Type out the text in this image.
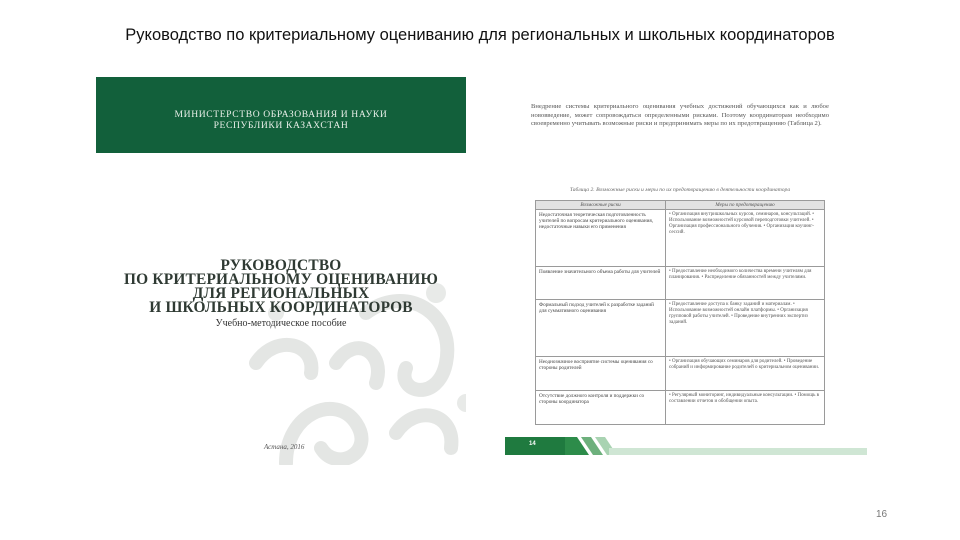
Руководство по критериальному оцениванию для региональных и школьных координаторов
МИНИСТЕРСТВО ОБРАЗОВАНИЯ И НАУКИ
РЕСПУБЛИКИ КАЗАХСТАН
РУКОВОДСТВО
ПО КРИТЕРИАЛЬНОМУ ОЦЕНИВАНИЮ
ДЛЯ РЕГИОНАЛЬНЫХ
И ШКОЛЬНЫХ КООРДИНАТОРОВ
Учебно-методическое пособие
Астана, 2016

Внедрение системы критериального оценивания учебных достижений обучающихся как и любое нововведение, может сопровождаться определенными рисками. Поэтому координаторам необходимо своевременно учитывать возможные риски и предпринимать меры по их предотвращению (Таблица 2).

Таблица 2. Возможные риски и меры по их предотвращению в деятельности координатора
Возможные риски	Меры по предотвращению
Недостаточная теоретическая подготовленность учителей по вопросам критериального оценивания, недостаточные навыки его применения	• Организация внутришкольных курсов, семинаров, консультаций. • Использование возможностей курсовой переподготовки учителей. • Организация профессионального обучения. • Организация коучинг-сессий.
Появление значительного объема работы для учителей	• Предоставление необходимого количества времени учителям для планирования. • Распределение обязанностей между учителями.
Формальный подход учителей к разработке заданий для суммативного оценивания	• Предоставление доступа к банку заданий и материалам. • Использование возможностей онлайн платформы. • Организация групповой работы учителей. • Проведение внутренних экспертиз заданий.
Неоднозначное восприятие системы оценивания со стороны родителей	• Организация обучающих семинаров для родителей. • Проведение собраний и информирование родителей о критериальном оценивании.
Отсутствие должного контроля и поддержки со стороны координатора	• Регулярный мониторинг, индивидуальные консультации. • Помощь в составлении отчетов и обобщении опыта.
14
16
